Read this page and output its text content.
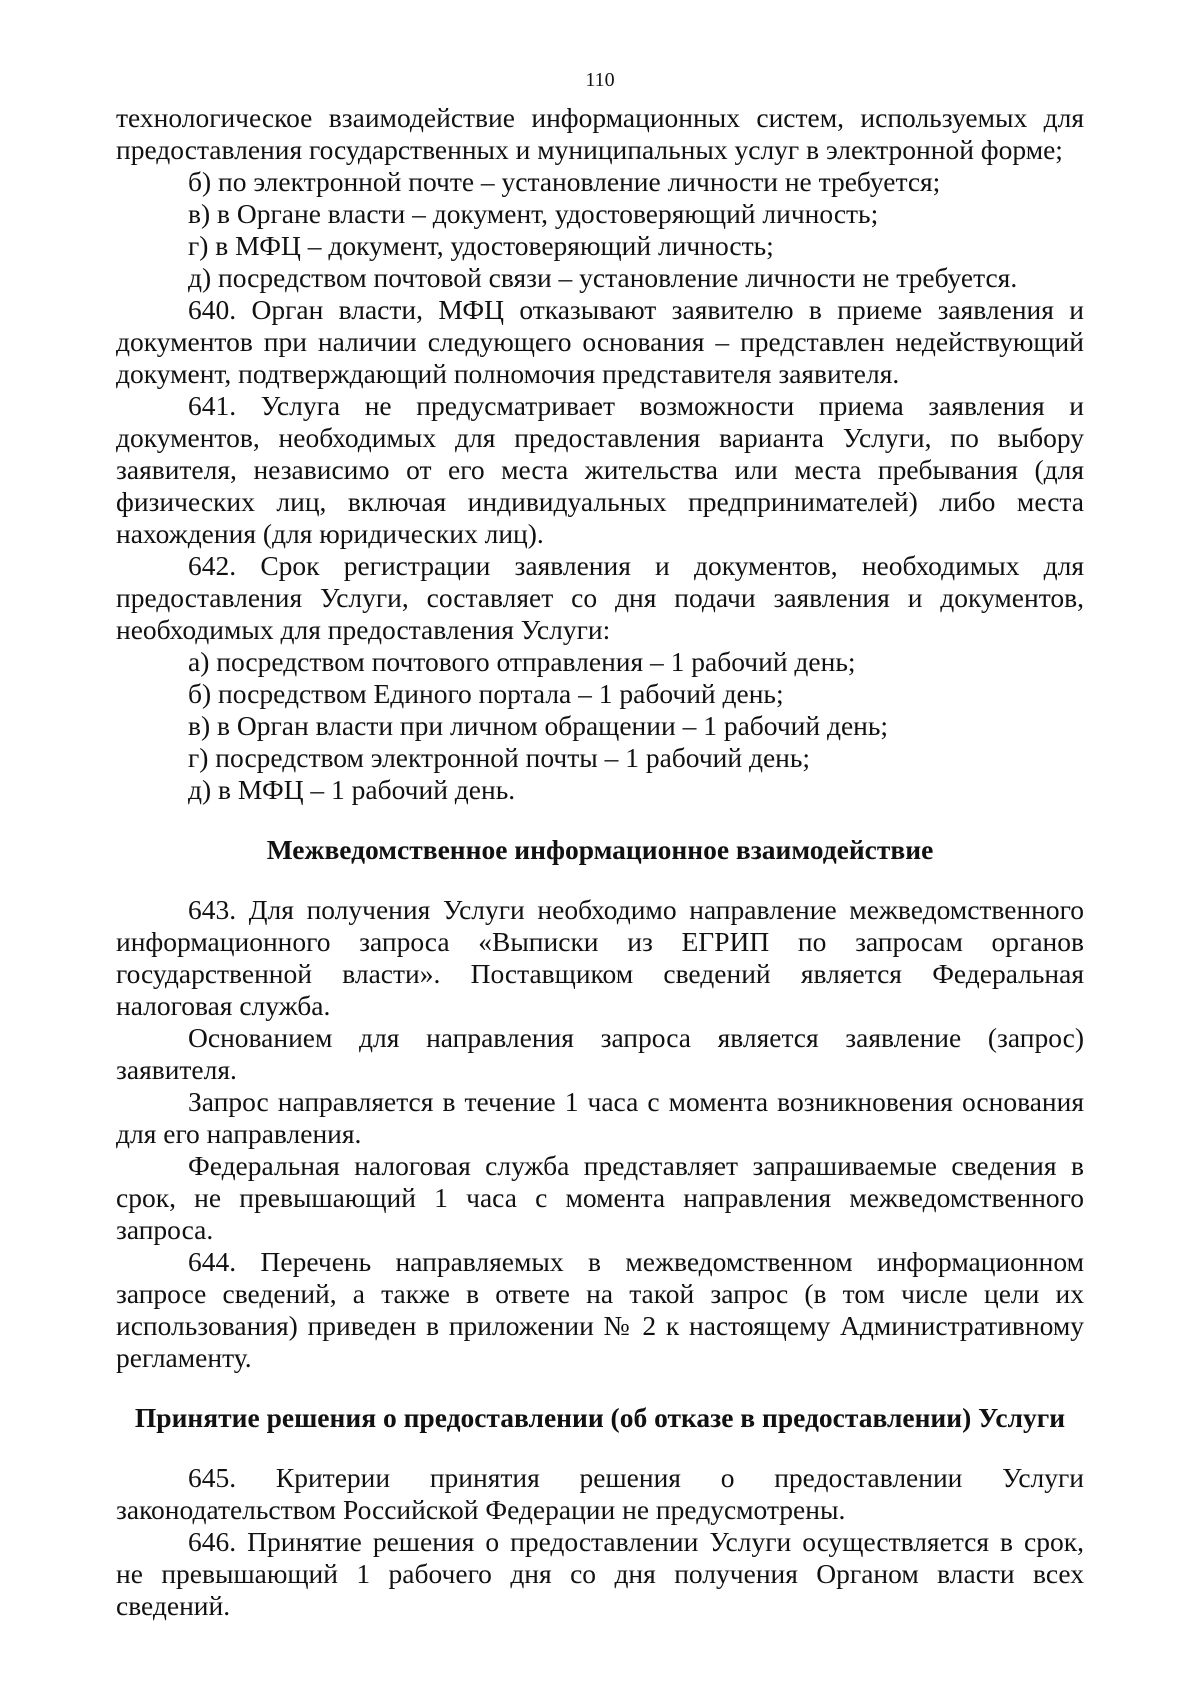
110

технологическое взаимодействие информационных систем, используемых для предоставления государственных и муниципальных услуг в электронной форме;

б) по электронной почте – установление личности не требуется;

в) в Органе власти – документ, удостоверяющий личность;

г) в МФЦ – документ, удостоверяющий личность;

д) посредством почтовой связи – установление личности не требуется.

640. Орган власти, МФЦ отказывают заявителю в приеме заявления и документов при наличии следующего основания – представлен недействующий документ, подтверждающий полномочия представителя заявителя.

641. Услуга не предусматривает возможности приема заявления и документов, необходимых для предоставления варианта Услуги, по выбору заявителя, независимо от его места жительства или места пребывания (для физических лиц, включая индивидуальных предпринимателей) либо места нахождения (для юридических лиц).

642. Срок регистрации заявления и документов, необходимых для предоставления Услуги, составляет со дня подачи заявления и документов, необходимых для предоставления Услуги:

а) посредством почтового отправления – 1 рабочий день;

б) посредством Единого портала – 1 рабочий день;

в) в Орган власти при личном обращении – 1 рабочий день;

г) посредством электронной почты – 1 рабочий день;

д) в МФЦ – 1 рабочий день.

Межведомственное информационное взаимодействие

643. Для получения Услуги необходимо направление межведомственного информационного запроса «Выписки из ЕГРИП по запросам органов государственной власти». Поставщиком сведений является Федеральная налоговая служба.

Основанием для направления запроса является заявление (запрос) заявителя.

Запрос направляется в течение 1 часа с момента возникновения основания для его направления.

Федеральная налоговая служба представляет запрашиваемые сведения в срок, не превышающий 1 часа с момента направления межведомственного запроса.

644. Перечень направляемых в межведомственном информационном запросе сведений, а также в ответе на такой запрос (в том числе цели их использования) приведен в приложении № 2 к настоящему Административному регламенту.

Принятие решения о предоставлении (об отказе в предоставлении) Услуги

645. Критерии принятия решения о предоставлении Услуги законодательством Российской Федерации не предусмотрены.

646. Принятие решения о предоставлении Услуги осуществляется в срок, не превышающий 1 рабочего дня со дня получения Органом власти всех сведений.
